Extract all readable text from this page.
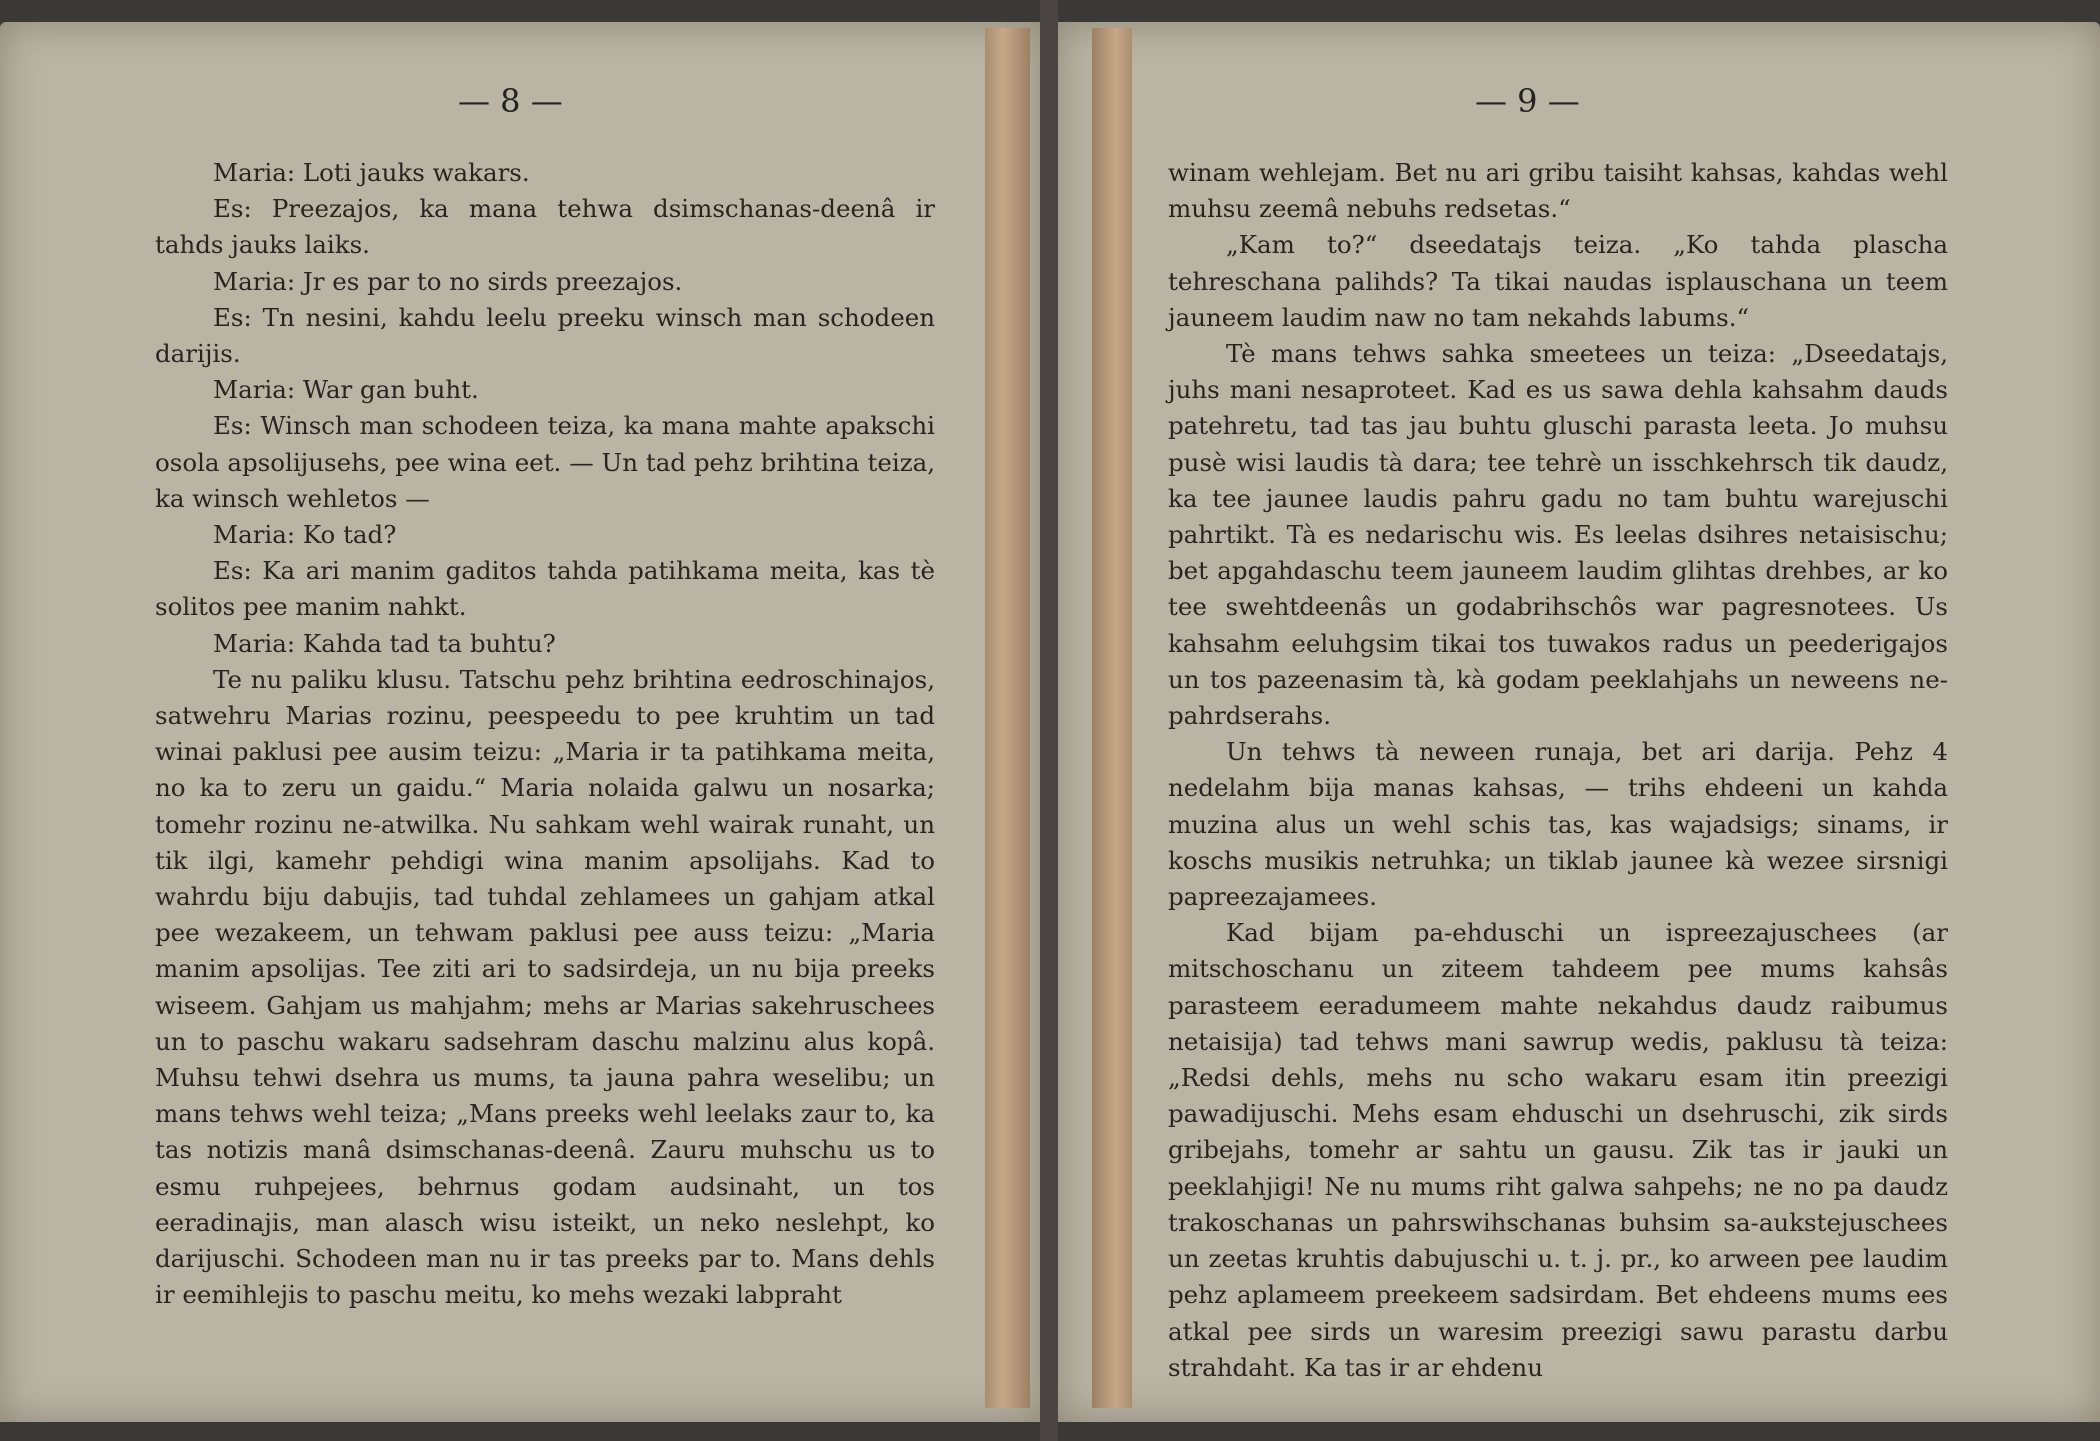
— 8 —

Maria: Loti jauks wakars.

Es: Preezajos, ka mana tehwa dsimschanas-deenâ ir tahds jauks laiks.

Maria: Jr es par to no sirds preezajos.

Es: Tn nesini, kahdu leelu preeku winsch man schodeen darijis.

Maria: War gan buht.

Es: Winsch man schodeen teiza, ka mana mahte apakschi osola apsolijusehs, pee wina eet. — Un tad pehz brihtina teiza, ka winsch wehletos —

Maria: Ko tad?

Es: Ka ari manim gaditos tahda patihkama meita, kas tè solitos pee manim nahkt.

Maria: Kahda tad ta buhtu?

Te nu paliku klusu. Tatschu pehz brihtina eedroschinajos, satwehru Marias rozinu, peespeedu to pee kruhtim un tad winai paklusi pee ausim teizu: „Maria ir ta patihkama meita, no ka to zeru un gaidu.“ Maria nolaida galwu un nosarka; tomehr rozinu ne-atwilka. Nu sahkam wehl wairak runaht, un tik ilgi, kamehr pehdigi wina manim apsolijahs. Kad to wahrdu biju dabujis, tad tuhdal zehlamees un gahjam atkal pee wezakeem, un tehwam paklusi pee auss teizu: „Maria manim apsolijas. Tee ziti ari to sadsirdeja, un nu bija preeks wiseem. Gahjam us mahjahm; mehs ar Marias sakehruschees un to paschu wakaru sadsehram daschu malzinu alus kopâ. Muhsu tehwi dsehra us mums, ta jauna pahra weselibu; un mans tehws wehl teiza; „Mans preeks wehl leelaks zaur to, ka tas notizis manâ dsimschanas-deenâ. Zauru muhschu us to esmu ruhpejees, behrnus godam audsinaht, un tos eeradinajis, man alasch wisu isteikt, un neko neslehpt, ko darijuschi. Schodeen man nu ir tas preeks par to. Mans dehls ir eemihlejis to paschu meitu, ko mehs wezaki labpraht

— 9 —

winam wehlejam. Bet nu ari gribu taisiht kahsas, kahdas wehl muhsu zeemâ nebuhs redsetas.“

„Kam to?“ dseedatajs teiza. „Ko tahda plascha tehreschana palihds? Ta tikai naudas isplauschana un teem jauneem laudim naw no tam nekahds labums.“

Tè mans tehws sahka smeetees un teiza: „Dseedatajs, juhs mani nesaproteet. Kad es us sawa dehla kahsahm dauds patehretu, tad tas jau buhtu gluschi parasta leeta. Jo muhsu pusè wisi laudis tà dara; tee tehrè un isschkehrsch tik daudz, ka tee jaunee laudis pahru gadu no tam buhtu warejuschi pahrtikt. Tà es nedarischu wis. Es leelas dsihres netaisischu; bet apgahdaschu teem jauneem laudim glihtas drehbes, ar ko tee swehtdeenâs un godabrihschôs war pagresnotees. Us kahsahm eeluhgsim tikai tos tuwakos radus un peederigajos un tos pazeenasim tà, kà godam peeklahjahs un neweens ne-pahrdserahs.

Un tehws tà neween runaja, bet ari darija. Pehz 4 nedelahm bija manas kahsas, — trihs ehdeeni un kahda muzina alus un wehl schis tas, kas wajadsigs; sinams, ir koschs musikis netruhka; un tiklab jaunee kà wezee sirsnigi papreezajamees.

Kad bijam pa-ehduschi un ispreezajuschees (ar mitschoschanu un ziteem tahdeem pee mums kahsâs parasteem eeradumeem mahte nekahdus daudz raibumus netaisija) tad tehws mani sawrup wedis, paklusu tà teiza: „Redsi dehls, mehs nu scho wakaru esam itin preezigi pawadijuschi. Mehs esam ehduschi un dsehruschi, zik sirds gribejahs, tomehr ar sahtu un gausu. Zik tas ir jauki un peeklahjigi! Ne nu mums riht galwa sahpehs; ne no pa daudz trakoschanas un pahrswihschanas buhsim sa-aukstejuschees un zeetas kruhtis dabujuschi u. t. j. pr., ko arween pee laudim pehz aplameem preekeem sadsirdam. Bet ehdeens mums ees atkal pee sirds un waresim preezigi sawu parastu darbu strahdaht. Ka tas ir ar ehdenu
